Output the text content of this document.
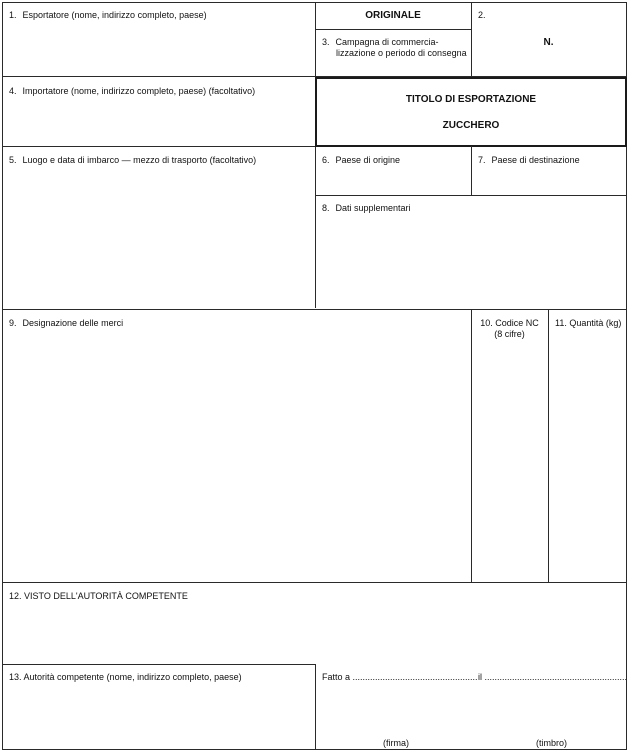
1. Esportatore (nome, indirizzo completo, paese)	ORIGINALE	2.
N.
3. Campagna di commercia-
lizzazione o periodo di consegna
4. Importatore (nome, indirizzo completo, paese) (facoltativo)
TITOLO DI ESPORTAZIONE
ZUCCHERO
5. Luogo e data di imbarco — mezzo di trasporto (facoltativo)	6. Paese di origine	7. Paese di destinazione
8. Dati supplementari
9. Designazione delle merci	10. Codice NC
(8 cifre)
11. Quantità (kg)
12. VISTO DELL'AUTORITÀ COMPETENTE
13. Autorità competente (nome, indirizzo completo, paese)	Fatto a .................................................. il .........................................................
(firma)	(timbro)
